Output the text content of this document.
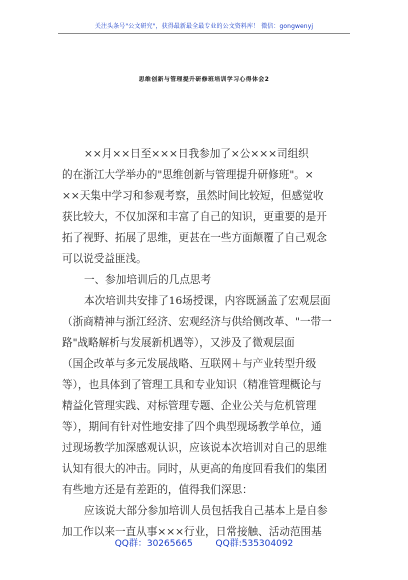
关注头条号"公文研究"，获得最新最全最专业的公文资料库！ 微信：gongwenyj
思维创新与管理提升研修班培训学习心得体会2
××月××日至×××日我参加了×公×××司组织
的在浙江大学举办的"思维创新与管理提升研修班"。×
××天集中学习和参观考察，虽然时间比较短，但感觉收
获比较大，不仅加深和丰富了自己的知识，更重要的是开
拓了视野、拓展了思维，更甚在一些方面颠覆了自己观念
可以说受益匪浅。
一、参加培训后的几点思考
本次培训共安排了16场授课，内容既涵盖了宏观层面
（浙商精神与浙江经济、宏观经济与供给侧改革、"一带一
路"战略解析与发展新机遇等），又涉及了微观层面
（国企改革与多元发展战略、互联网＋与产业转型升级
等），也具体到了管理工具和专业知识（精准管理概论与
精益化管理实践、对标管理专题、企业公关与危机管理
等），期间有针对性地安排了四个典型现场教学单位，通
过现场教学加深感观认识，应该说本次培训对自己的思维
认知有很大的冲击。同时，从更高的角度回看我们的集团
有些地方还是有差距的，值得我们深思：
应该说大部分参加培训人员包括我自己基本上是自参
加工作以来一直从事×××行业，日常接触、活动范围基
QQ群：30265665	QQ群:535304092
